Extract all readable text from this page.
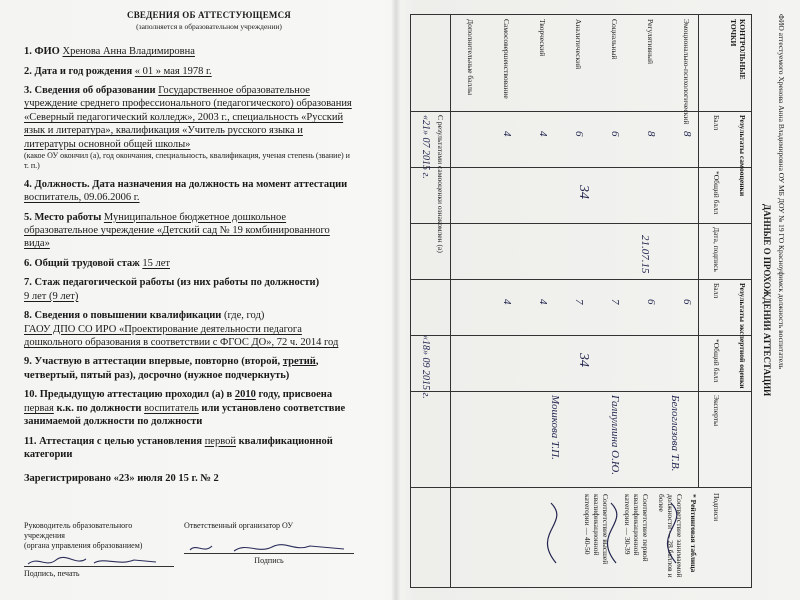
СВЕДЕНИЯ ОБ АТТЕСТУЮЩЕМСЯ
(заполняется в образовательном учреждении)
1. ФИО Хренова Анна Владимировна
2. Дата и год рождения « 01 » мая 1978 г.
3. Сведения об образовании Государственное образовательное учреждение среднего профессионального (педагогического) образования «Северный педагогический колледж», 2003 г., специальность «Русский язык и литература», квалификация «Учитель русского языка и литературы основной общей школы»
(какое ОУ окончил (а), год окончания, специальность, квалификация, ученая степень (звание) и т. п.)
4. Должность. Дата назначения на должность на момент аттестации воспитатель, 09.06.2006 г.
5. Место работы Муниципальное бюджетное дошкольное образовательное учреждение «Детский сад № 19 комбинированного вида»
6. Общий трудовой стаж 15 лет
7. Стаж педагогической работы (из них работы по должности)
9 лет (9 лет)
8. Сведения о повышении квалификации (где, год)
ГАОУ ДПО СО ИРО «Проектирование деятельности педагога дошкольного образования в соответствии с ФГОС ДО», 72 ч. 2014 год
9. Участвую в аттестации впервые, повторно (второй, третий, четвертый, пятый раз), досрочно (нужное подчеркнуть)
10. Предыдущую аттестацию проходил (а) в 2010 году, присвоена первая к.к. по должности воспитатель или установлено соответствие занимаемой должности по должности
11. Аттестация с целью установления первой квалификационной категории
Зарегистрировано «23» июля 20 15 г. № 2
Руководитель образовательного учреждения
(органа управления образованием)
Подпись, печать
Ответственный организатор ОУ
Подпись
ФИО аттестуемого Хренова Анна Владимировна ОУ МБ ДОУ № 19 ГО Красноуфимск должность воспитатель
ДАННЫЕ О ПРОХОЖДЕНИИ АТТЕСТАЦИИ
КОНТРОЛЬНЫЕ ТОЧКИ
Результаты самооценки
Балл
*Общий балл
Дата, подпись
Результаты экспертной оценки
Балл
*Общий балл
Эксперты
Подписи
Эмоционально-психологический
Регулятивный
Социальный
Аналитический
Творческий
Самосовершенствование
Дополнительные баллы
8
8
6
6
4
4
34
21.07.15
6
6
7
7
4
4
34
Белоглазова Т.В.
Галиуллина О.Ю.
Мошкова Т.П.
С результатами самооценки ознакомлен (а)
«21» 07 2015 г.
«18» 09 2015 г.
* Рейтинговая таблица
Соответствие занимаемой должности — 28 баллов и более
Соответствие первой квалификационной категории — 30-39
Соответствие высшей квалификационной категории — 40-50
